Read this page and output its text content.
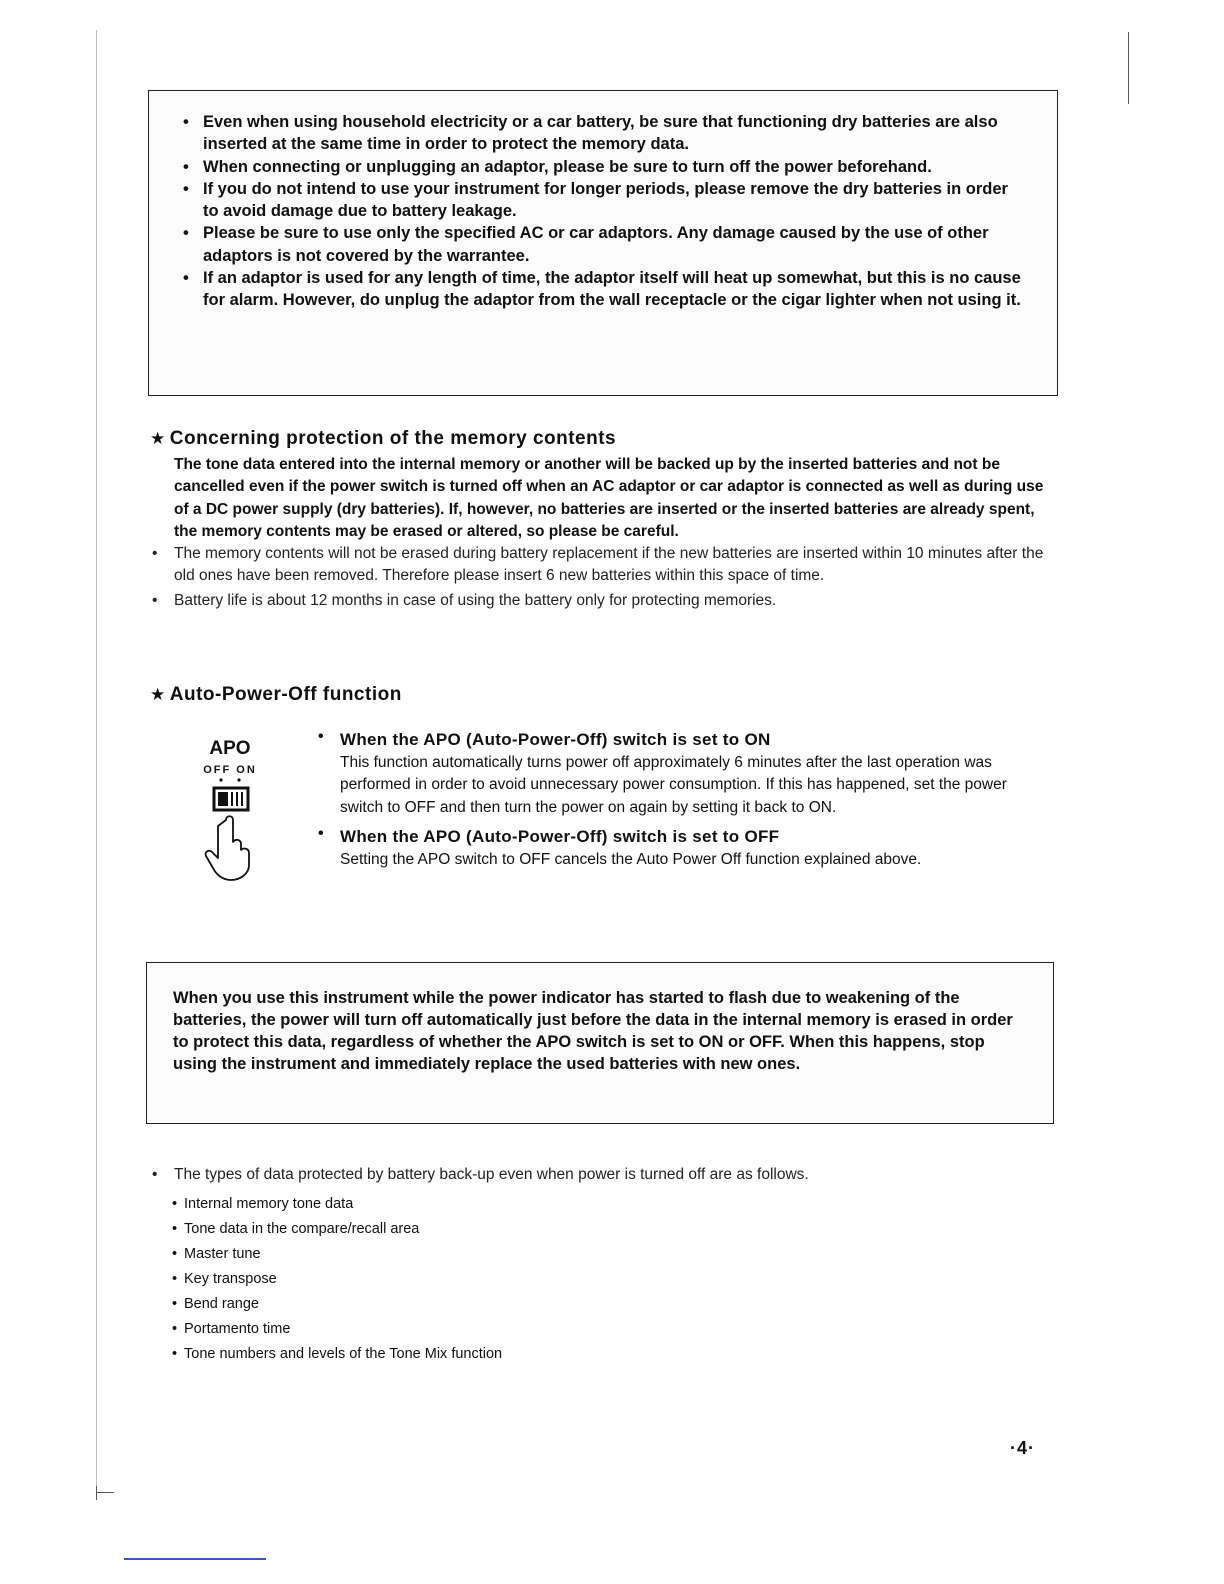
• Even when using household electricity or a car battery, be sure that functioning dry batteries are also inserted at the same time in order to protect the memory data.
• When connecting or unplugging an adaptor, please be sure to turn off the power beforehand.
• If you do not intend to use your instrument for longer periods, please remove the dry batteries in order to avoid damage due to battery leakage.
• Please be sure to use only the specified AC or car adaptors. Any damage caused by the use of other adaptors is not covered by the warrantee.
• If an adaptor is used for any length of time, the adaptor itself will heat up somewhat, but this is no cause for alarm. However, do unplug the adaptor from the wall receptacle or the cigar lighter when not using it.
★ Concerning protection of the memory contents

The tone data entered into the internal memory or another will be backed up by the inserted batteries and not be cancelled even if the power switch is turned off when an AC adaptor or car adaptor is connected as well as during use of a DC power supply (dry batteries). If, however, no batteries are inserted or the inserted batteries are already spent, the memory contents may be erased or altered, so please be careful.

• The memory contents will not be erased during battery replacement if the new batteries are inserted within 10 minutes after the old ones have been removed. Therefore please insert 6 new batteries within this space of time.

• Battery life is about 12 months in case of using the battery only for protecting memories.

★ Auto-Power-Off function
APO
OFF ON
• When the APO (Auto-Power-Off) switch is set to ON
This function automatically turns power off approximately 6 minutes after the last operation was performed in order to avoid unnecessary power consumption. If this has happened, set the power switch to OFF and then turn the power on again by setting it back to ON.
• When the APO (Auto-Power-Off) switch is set to OFF
Setting the APO switch to OFF cancels the Auto Power Off function explained above.

When you use this instrument while the power indicator has started to flash due to weakening of the batteries, the power will turn off automatically just before the data in the internal memory is erased in order to protect this data, regardless of whether the APO switch is set to ON or OFF. When this happens, stop using the instrument and immediately replace the used batteries with new ones.

• The types of data protected by battery back-up even when power is turned off are as follows.

• Internal memory tone data
• Tone data in the compare/recall area
• Master tune
• Key transpose
• Bend range
• Portamento time
• Tone numbers and levels of the Tone Mix function
·4·
